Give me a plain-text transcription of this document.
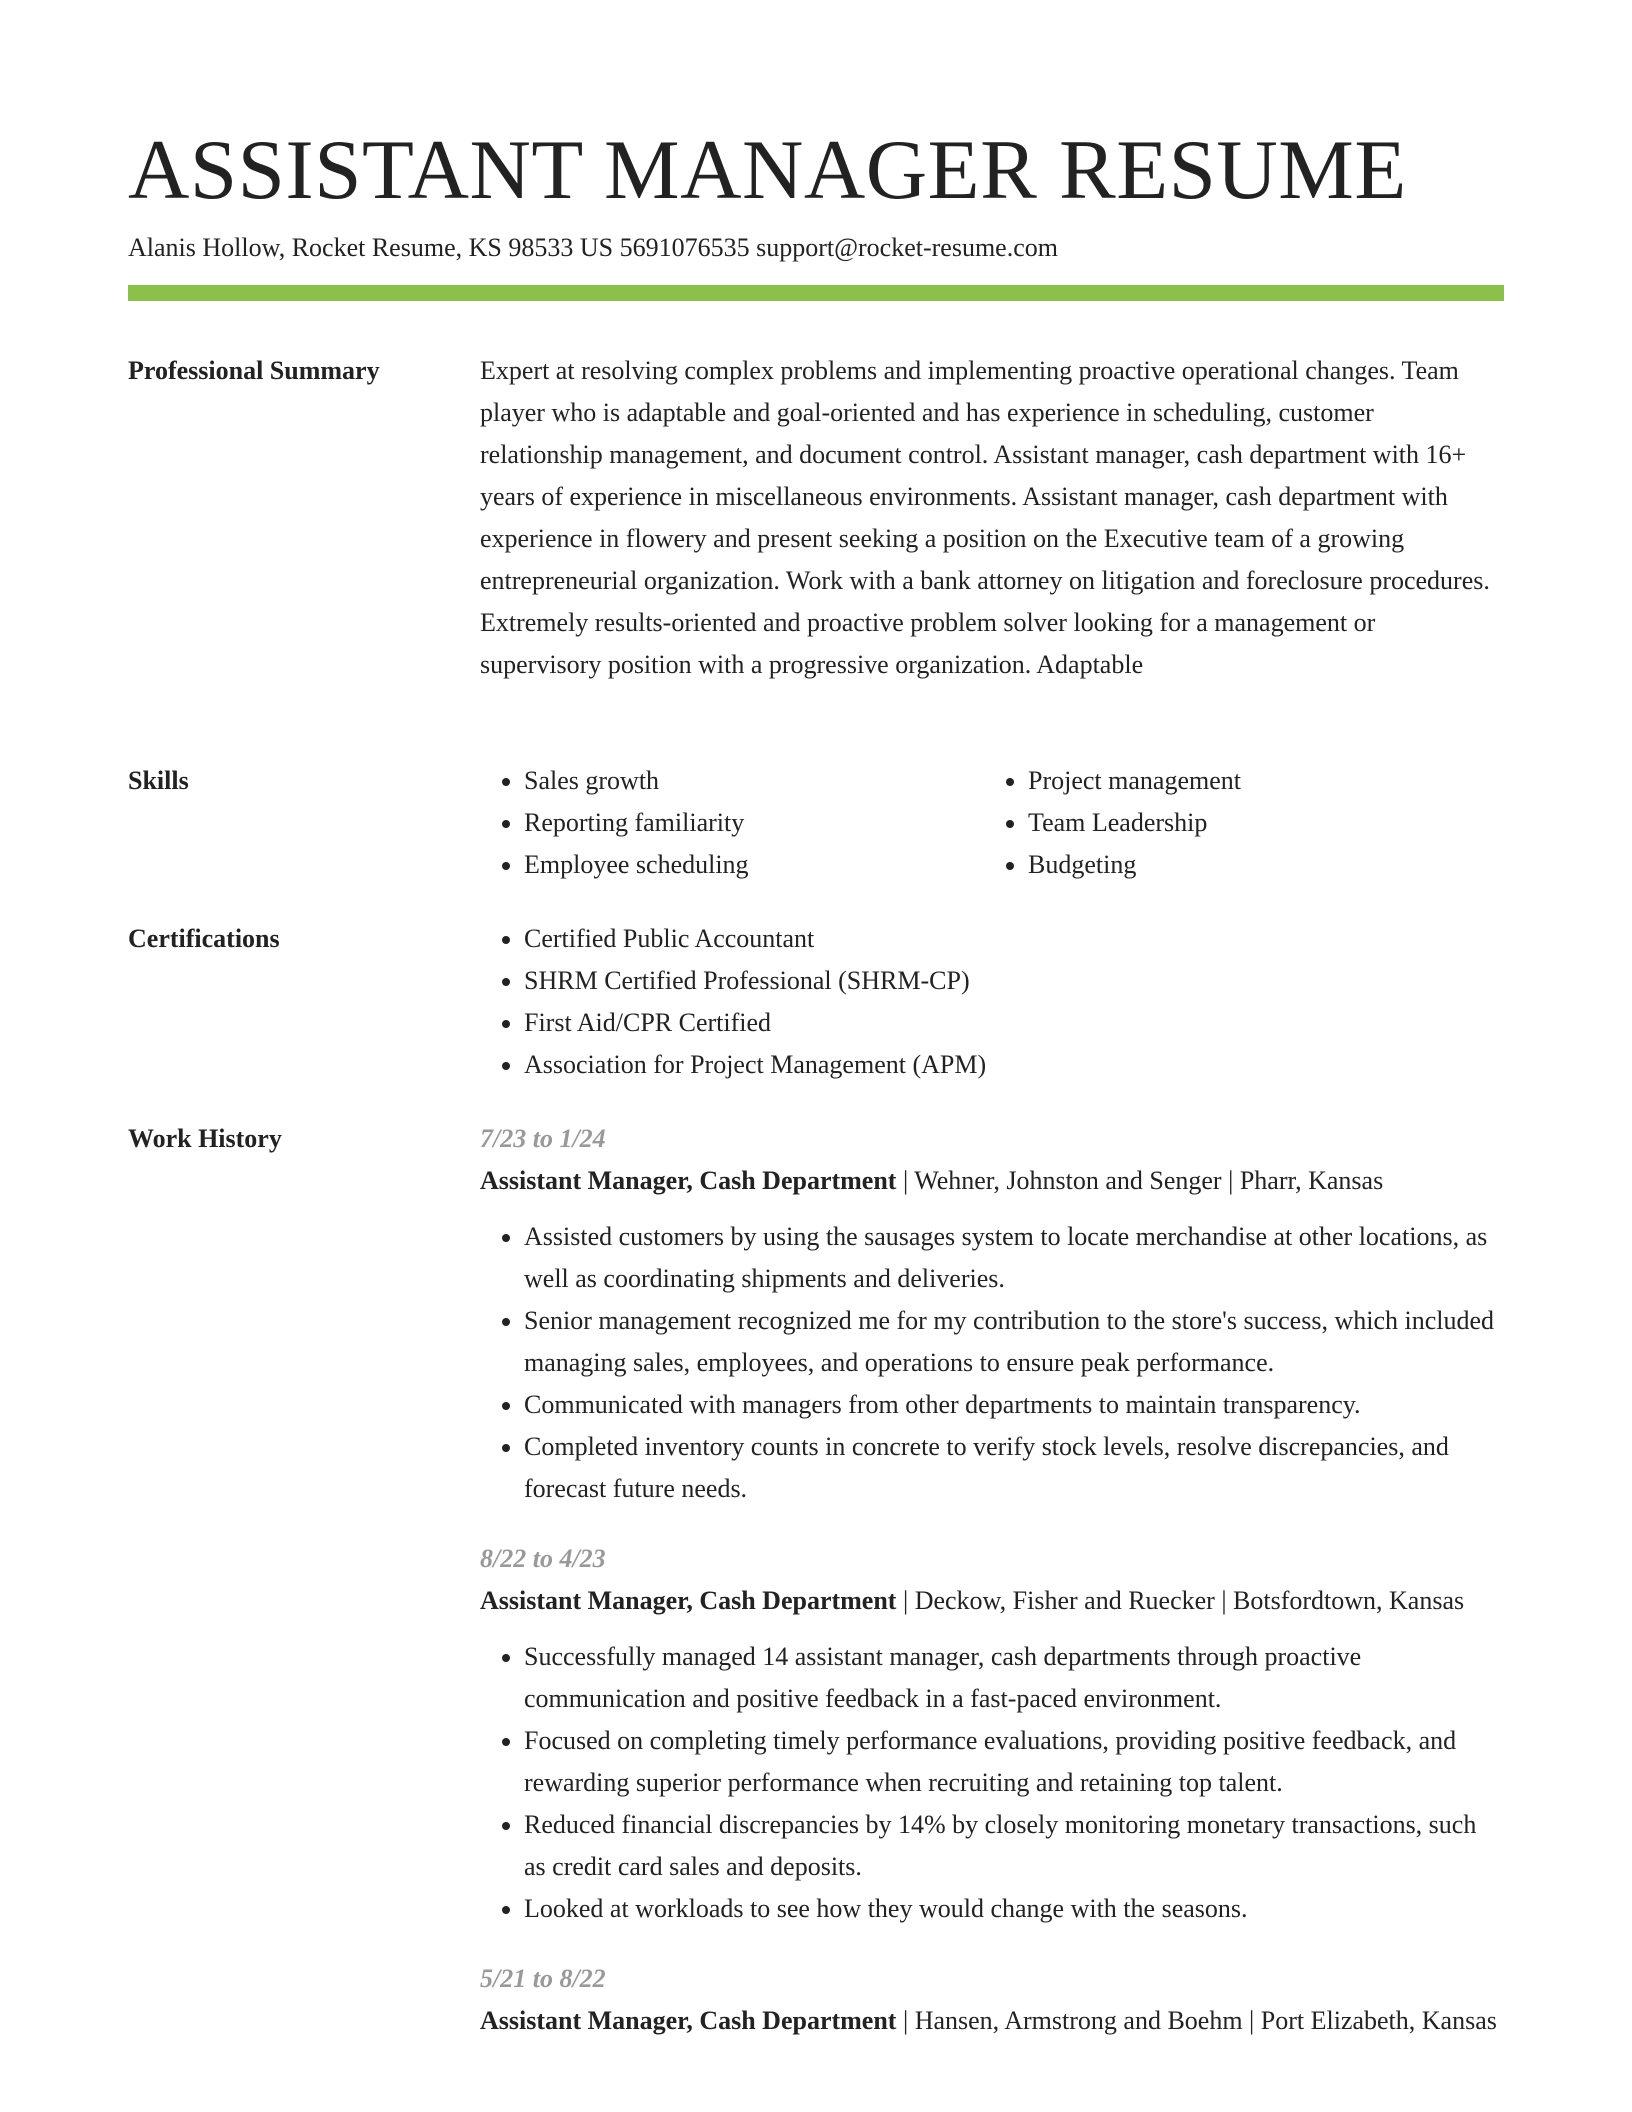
ASSISTANT MANAGER RESUME
Alanis Hollow, Rocket Resume, KS 98533 US 5691076535 support@rocket-resume.com
Professional Summary	Expert at resolving complex problems and implementing proactive operational changes. Team player who is adaptable and goal-oriented and has experience in scheduling, customer relationship management, and document control. Assistant manager, cash department with 16+ years of experience in miscellaneous environments. Assistant manager, cash department with experience in flowery and present seeking a position on the Executive team of a growing entrepreneurial organization. Work with a bank attorney on litigation and foreclosure procedures. Extremely results-oriented and proactive problem solver looking for a management or supervisory position with a progressive organization. Adaptable

Skills	• Sales growth
• Reporting familiarity
• Employee scheduling
• Project management
• Team Leadership
• Budgeting
Certifications	• Certified Public Accountant
• SHRM Certified Professional (SHRM-CP)
• First Aid/CPR Certified
• Association for Project Management (APM)
Work History	7/23 to 1/24
Assistant Manager, Cash Department | Wehner, Johnston and Senger | Pharr, Kansas
• Assisted customers by using the sausages system to locate merchandise at other locations, as well as coordinating shipments and deliveries.
• Senior management recognized me for my contribution to the store's success, which included managing sales, employees, and operations to ensure peak performance.
• Communicated with managers from other departments to maintain transparency.
• Completed inventory counts in concrete to verify stock levels, resolve discrepancies, and forecast future needs.
8/22 to 4/23
Assistant Manager, Cash Department | Deckow, Fisher and Ruecker | Botsfordtown, Kansas
• Successfully managed 14 assistant manager, cash departments through proactive communication and positive feedback in a fast-paced environment.
• Focused on completing timely performance evaluations, providing positive feedback, and rewarding superior performance when recruiting and retaining top talent.
• Reduced financial discrepancies by 14% by closely monitoring monetary transactions, such as credit card sales and deposits.
• Looked at workloads to see how they would change with the seasons.
5/21 to 8/22
Assistant Manager, Cash Department | Hansen, Armstrong and Boehm | Port Elizabeth, Kansas
